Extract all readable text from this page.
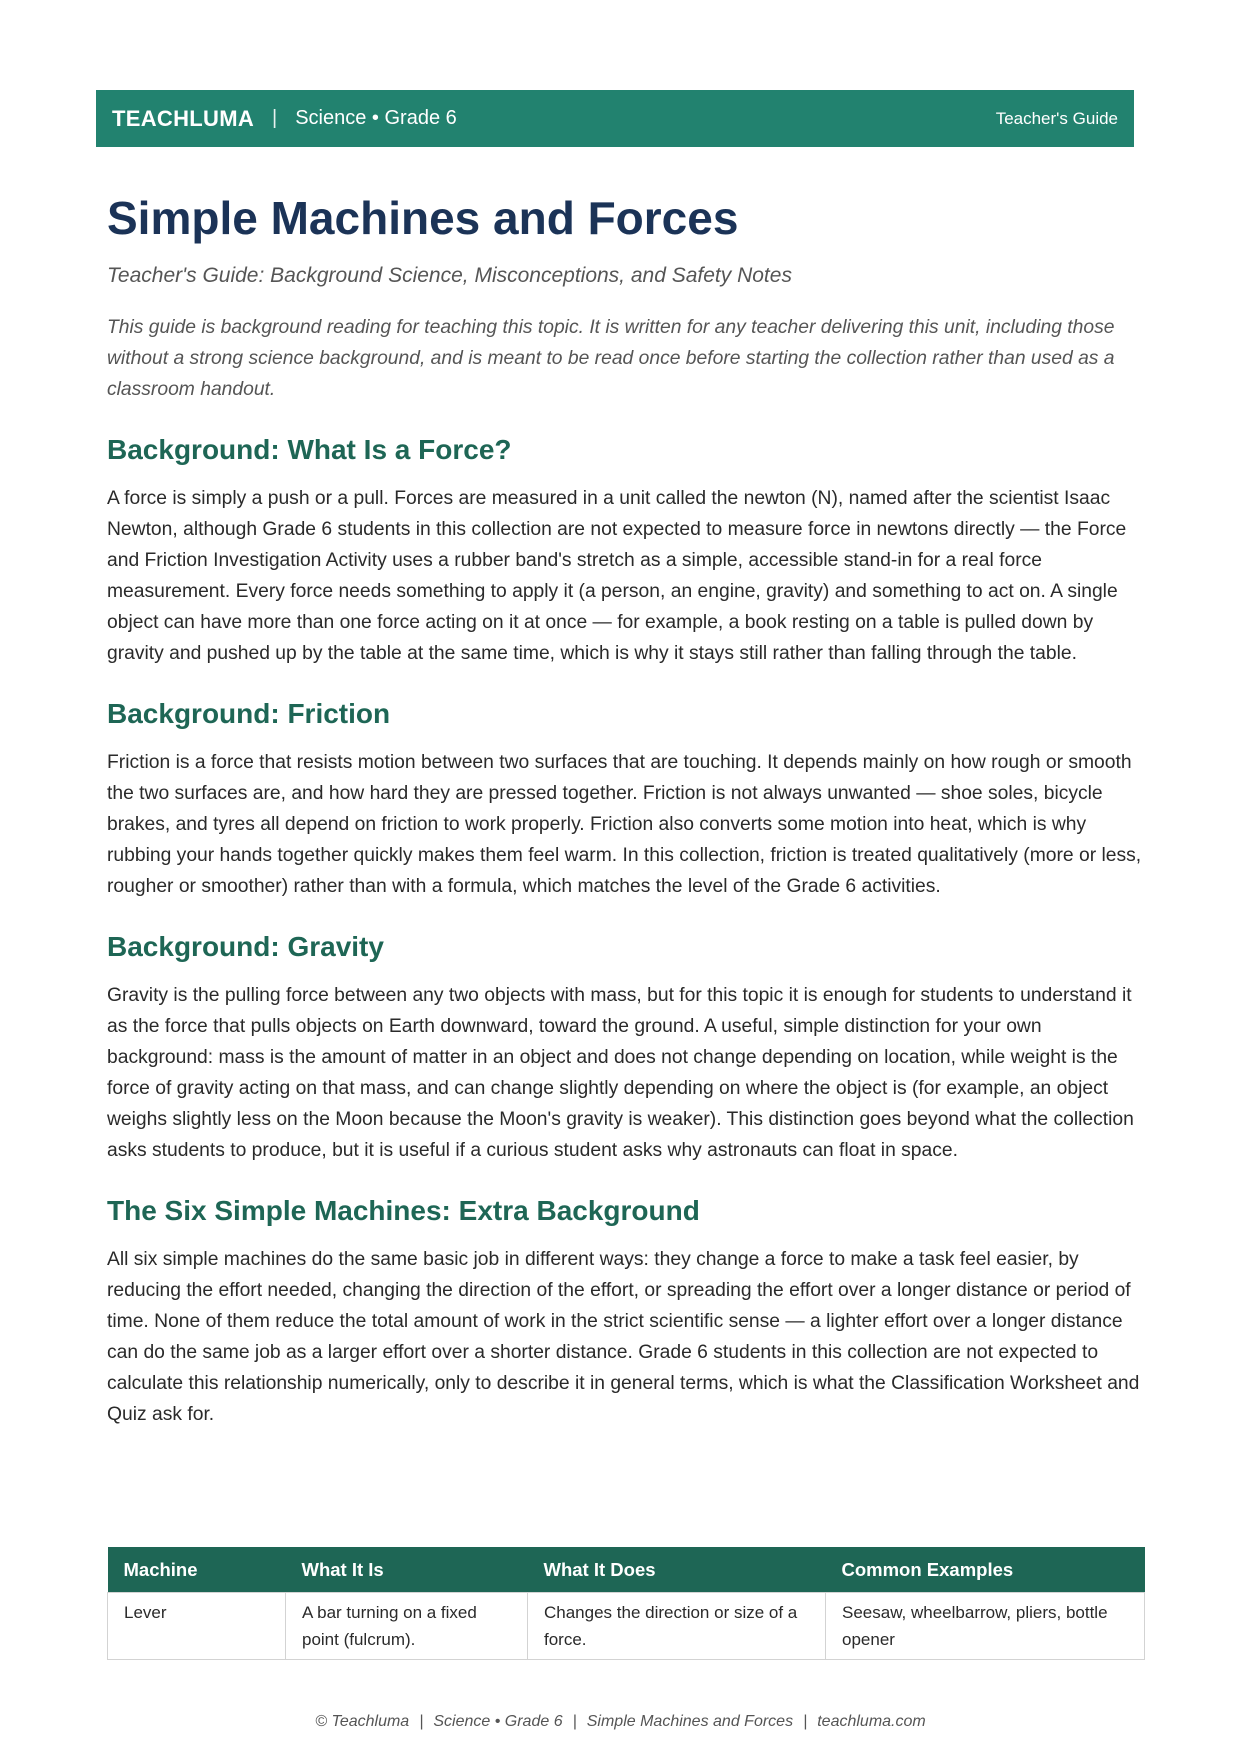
TEACHLUMA | Science • Grade 6	Teacher's Guide
Simple Machines and Forces
Teacher's Guide: Background Science, Misconceptions, and Safety Notes

This guide is background reading for teaching this topic. It is written for any teacher delivering this unit, including those without a strong science background, and is meant to be read once before starting the collection rather than used as a classroom handout.

Background: What Is a Force?

A force is simply a push or a pull. Forces are measured in a unit called the newton (N), named after the scientist Isaac Newton, although Grade 6 students in this collection are not expected to measure force in newtons directly — the Force and Friction Investigation Activity uses a rubber band's stretch as a simple, accessible stand-in for a real force measurement. Every force needs something to apply it (a person, an engine, gravity) and something to act on. A single object can have more than one force acting on it at once — for example, a book resting on a table is pulled down by gravity and pushed up by the table at the same time, which is why it stays still rather than falling through the table.

Background: Friction

Friction is a force that resists motion between two surfaces that are touching. It depends mainly on how rough or smooth the two surfaces are, and how hard they are pressed together. Friction is not always unwanted — shoe soles, bicycle brakes, and tyres all depend on friction to work properly. Friction also converts some motion into heat, which is why rubbing your hands together quickly makes them feel warm. In this collection, friction is treated qualitatively (more or less, rougher or smoother) rather than with a formula, which matches the level of the Grade 6 activities.

Background: Gravity

Gravity is the pulling force between any two objects with mass, but for this topic it is enough for students to understand it as the force that pulls objects on Earth downward, toward the ground. A useful, simple distinction for your own background: mass is the amount of matter in an object and does not change depending on location, while weight is the force of gravity acting on that mass, and can change slightly depending on where the object is (for example, an object weighs slightly less on the Moon because the Moon's gravity is weaker). This distinction goes beyond what the collection asks students to produce, but it is useful if a curious student asks why astronauts can float in space.

The Six Simple Machines: Extra Background

All six simple machines do the same basic job in different ways: they change a force to make a task feel easier, by reducing the effort needed, changing the direction of the effort, or spreading the effort over a longer distance or period of time. None of them reduce the total amount of work in the strict scientific sense — a lighter effort over a longer distance can do the same job as a larger effort over a shorter distance. Grade 6 students in this collection are not expected to calculate this relationship numerically, only to describe it in general terms, which is what the Classification Worksheet and Quiz ask for.

Machine	What It Is	What It Does	Common Examples
Lever	A bar turning on a fixed point (fulcrum).	Changes the direction or size of a force.	Seesaw, wheelbarrow, pliers, bottle opener
© Teachluma | Science • Grade 6 | Simple Machines and Forces | teachluma.com
